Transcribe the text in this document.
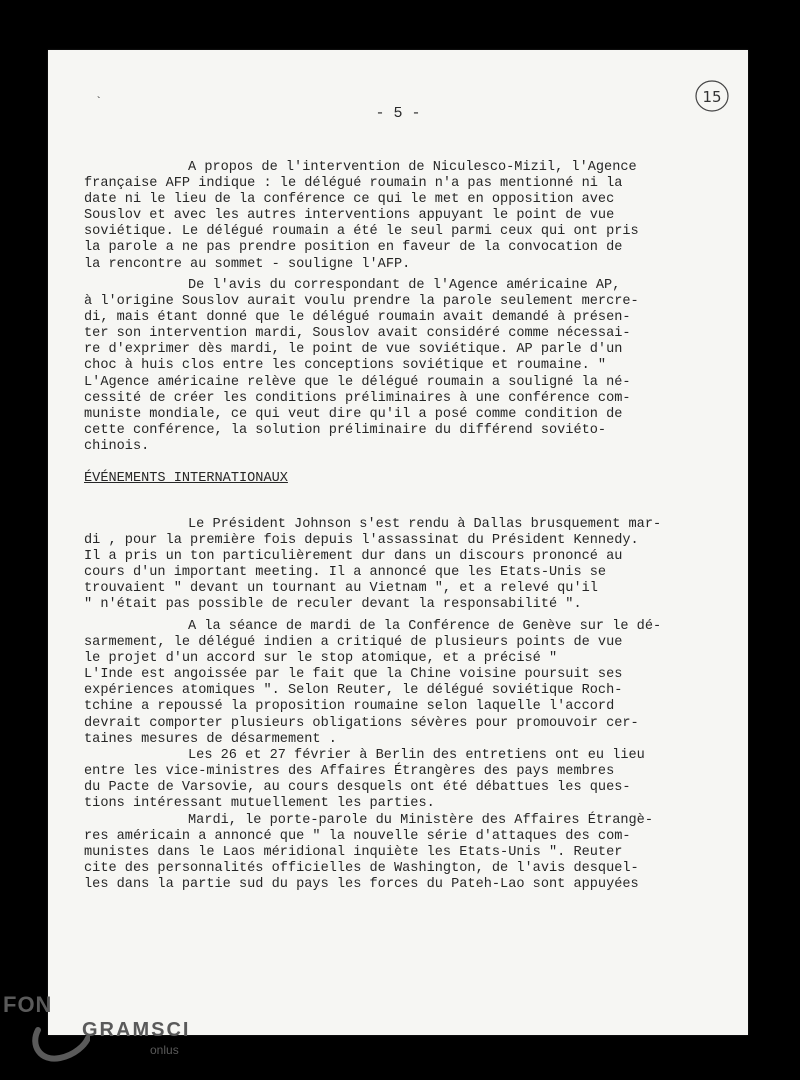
`
- 5 -
15
A propos de l'intervention de Niculesco-Mizil, l'Agence
française AFP indique : le délégué roumain n'a pas mentionné ni la
date ni le lieu de la conférence ce qui le met en opposition avec
Souslov et avec les autres interventions appuyant le point de vue
soviétique. Le délégué roumain a été le seul parmi ceux qui ont pris
la parole a ne pas prendre position en faveur de la convocation de
la rencontre au sommet - souligne l'AFP.
De l'avis du correspondant de l'Agence américaine AP,
à l'origine Souslov aurait voulu prendre la parole seulement mercre-
di, mais étant donné que le délégué roumain avait demandé à présen-
ter son intervention mardi, Souslov avait considéré comme nécessai-
re d'exprimer dès mardi, le point de vue soviétique. AP parle d'un
choc à huis clos entre les conceptions soviétique et roumaine. "
L'Agence américaine relève que le délégué roumain a souligné la né-
cessité de créer les conditions préliminaires à une conférence com-
muniste mondiale, ce qui veut dire qu'il a posé comme condition de
cette conférence, la solution préliminaire du différend soviéto-
chinois.
ÉVÉNEMENTS INTERNATIONAUX
Le Président Johnson s'est rendu à Dallas brusquement mar-
di , pour la première fois depuis l'assassinat du Président Kennedy.
Il a pris un ton particulièrement dur dans un discours prononcé au
cours d'un important meeting. Il a annoncé que les Etats-Unis se
trouvaient " devant un tournant au Vietnam ", et a relevé qu'il
" n'était pas possible de reculer devant la responsabilité ".
A la séance de mardi de la Conférence de Genève sur le dé-
sarmement, le délégué indien a critiqué de plusieurs points de vue
le projet d'un accord sur le stop atomique, et a précisé "
L'Inde est angoissée par le fait que la Chine voisine poursuit ses
expériences atomiques ". Selon Reuter, le délégué soviétique Roch-
tchine a repoussé la proposition roumaine selon laquelle l'accord
devrait comporter plusieurs obligations sévères pour promouvoir cer-
taines mesures de désarmement .
Les 26 et 27 février à Berlin des entretiens ont eu lieu
entre les vice-ministres des Affaires Étrangères des pays membres
du Pacte de Varsovie, au cours desquels ont été débattues les ques-
tions intéressant mutuellement les parties.
Mardi, le porte-parole du Ministère des Affaires Étrangè-
res américain a annoncé que " la nouvelle série d'attaques des com-
munistes dans le Laos méridional inquiète les Etats-Unis ". Reuter
cite des personnalités officielles de Washington, de l'avis desquel-
les dans la partie sud du pays les forces du Pateh-Lao sont appuyées
FON
GRAMSCI
onlus
